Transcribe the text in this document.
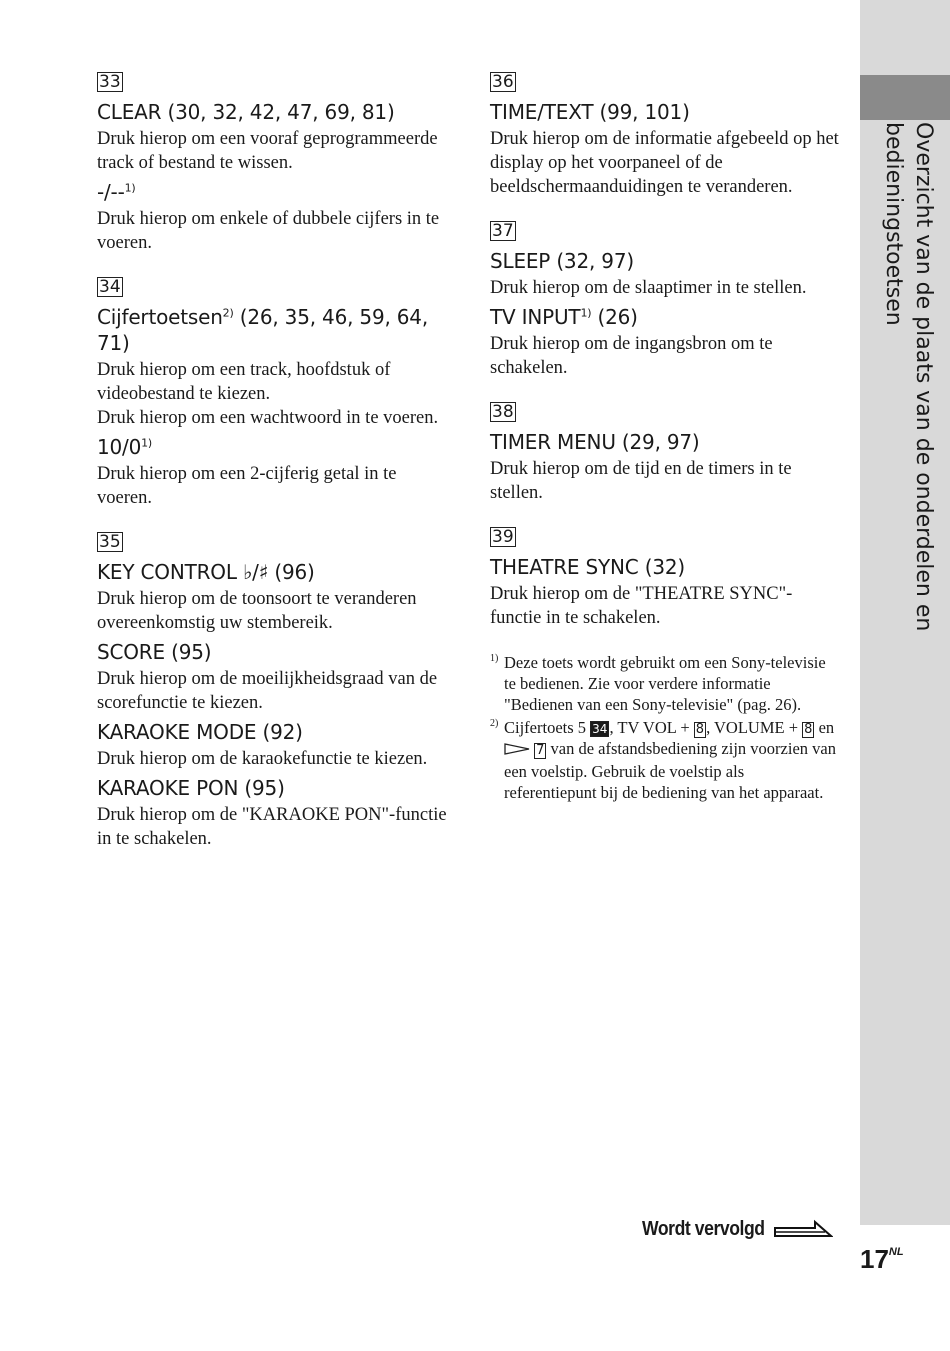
Overzicht van de plaats van de onderdelen en
bedieningstoetsen
33
CLEAR (30, 32, 42, 47, 69, 81)
Druk hierop om een vooraf geprogrammeerde track of bestand te wissen.
-/--$^{1)}$
Druk hierop om enkele of dubbele cijfers in te voeren.
34
Cijfertoetsen$^{2)}$ (26, 35, 46, 59, 64, 71)
Druk hierop om een track, hoofdstuk of videobestand te kiezen.
Druk hierop om een wachtwoord in te voeren.
10/0$^{1)}$
Druk hierop om een 2-cijferig getal in te voeren.
35
KEY CONTROL ♭/♯ (96)
Druk hierop om de toonsoort te veranderen overeenkomstig uw stembereik.
SCORE (95)
Druk hierop om de moeilijkheidsgraad van de scorefunctie te kiezen.
KARAOKE MODE (92)
Druk hierop om de karaokefunctie te kiezen.
KARAOKE PON (95)
Druk hierop om de "KARAOKE PON"-functie in te schakelen.
36
TIME/TEXT (99, 101)
Druk hierop om de informatie afgebeeld op het display op het voorpaneel of de beeldschermaanduidingen te veranderen.
37
SLEEP (32, 97)
Druk hierop om de slaaptimer in te stellen.
TV INPUT$^{1)}$ (26)
Druk hierop om de ingangsbron om te schakelen.
38
TIMER MENU (29, 97)
Druk hierop om de tijd en de timers in te stellen.
39
THEATRE SYNC (32)
Druk hierop om de "THEATRE SYNC"-functie in te schakelen.
1) Deze toets wordt gebruikt om een Sony-televisie te bedienen. Zie voor verdere informatie "Bedienen van een Sony-televisie" (pag. 26).
2) Cijfertoets 5 34 , TV VOL + 8 , VOLUME + 8 en  7 van de afstandsbediening zijn voorzien van een voelstip. Gebruik de voelstip als referentiepunt bij de bediening van het apparaat.
Wordt vervolgd
$17^{NL}$
